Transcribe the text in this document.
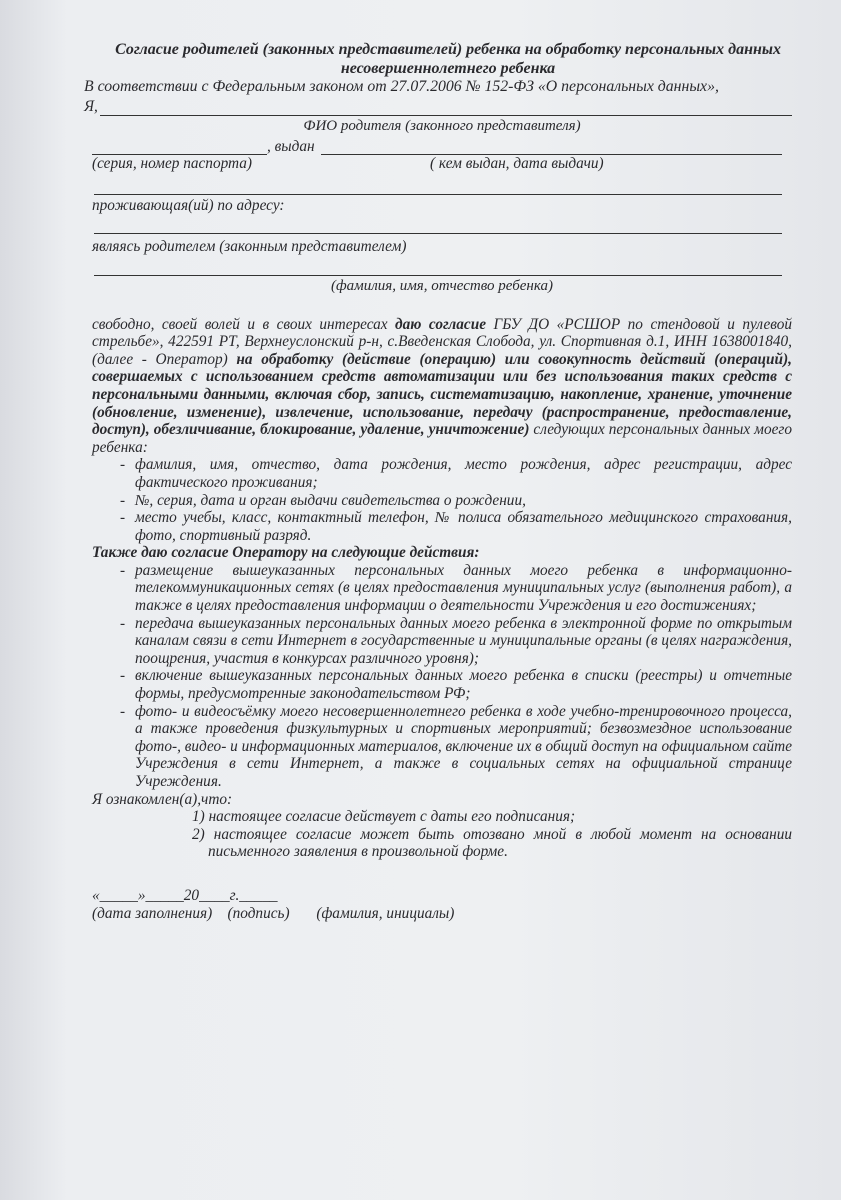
Согласие родителей (законных представителей) ребенка на обработку персональных данных несовершеннолетнего ребенка
В соответствии с Федеральным законом от 27.07.2006 № 152-ФЗ «О персональных данных»,
Я,
ФИО родителя (законного представителя)
, выдан
(серия, номер паспорта)	( кем выдан, дата выдачи)
проживающая(ий) по адресу:
являясь родителем (законным представителем)
(фамилия, имя, отчество ребенка)

свободно, своей волей и в своих интересах даю согласие ГБУ ДО «РСШОР по стендовой и пулевой стрельбе», 422591 РТ, Верхнеуслонский р-н, с.Введенская Слобода, ул. Спортивная д.1, ИНН 1638001840, (далее - Оператор) на обработку (действие (операцию) или совокупность действий (операций), совершаемых с использованием средств автоматизации или без использования таких средств с персональными данными, включая сбор, запись, систематизацию, накопление, хранение, уточнение (обновление, изменение), извлечение, использование, передачу (распространение, предоставление, доступ), обезличивание, блокирование, удаление, уничтожение) следующих персональных данных моего ребенка:

- фамилия, имя, отчество, дата рождения, место рождения, адрес регистрации, адрес фактического проживания;
- №, серия, дата и орган выдачи свидетельства о рождении,
- место учебы, класс, контактный телефон, № полиса обязательного медицинского страхования, фото, спортивный разряд.

Также даю согласие Оператору на следующие действия:

- размещение вышеуказанных персональных данных моего ребенка в информационно-телекоммуникационных сетях (в целях предоставления муниципальных услуг (выполнения работ), а также в целях предоставления информации о деятельности Учреждения и его достижениях;
- передача вышеуказанных персональных данных моего ребенка в электронной форме по открытым каналам связи в сети Интернет в государственные и муниципальные органы (в целях награждения, поощрения, участия в конкурсах различного уровня);
- включение вышеуказанных персональных данных моего ребенка в списки (реестры) и отчетные формы, предусмотренные законодательством РФ;
- фото- и видеосъёмку моего несовершеннолетнего ребенка в ходе учебно-тренировочного процесса, а также проведения физкультурных и спортивных мероприятий; безвозмездное использование фото-, видео- и информационных материалов, включение их в общий доступ на официальном сайте Учреждения в сети Интернет, а также в социальных сетях на официальной странице Учреждения.

Я ознакомлен(а),что:

1) настоящее согласие действует с даты его подписания;

2) настоящее согласие может быть отозвано мной в любой момент на основании письменного заявления в произвольной форме.

«_____»_____20____г._____
(дата заполнения)    (подпись)       (фамилия, инициалы)
